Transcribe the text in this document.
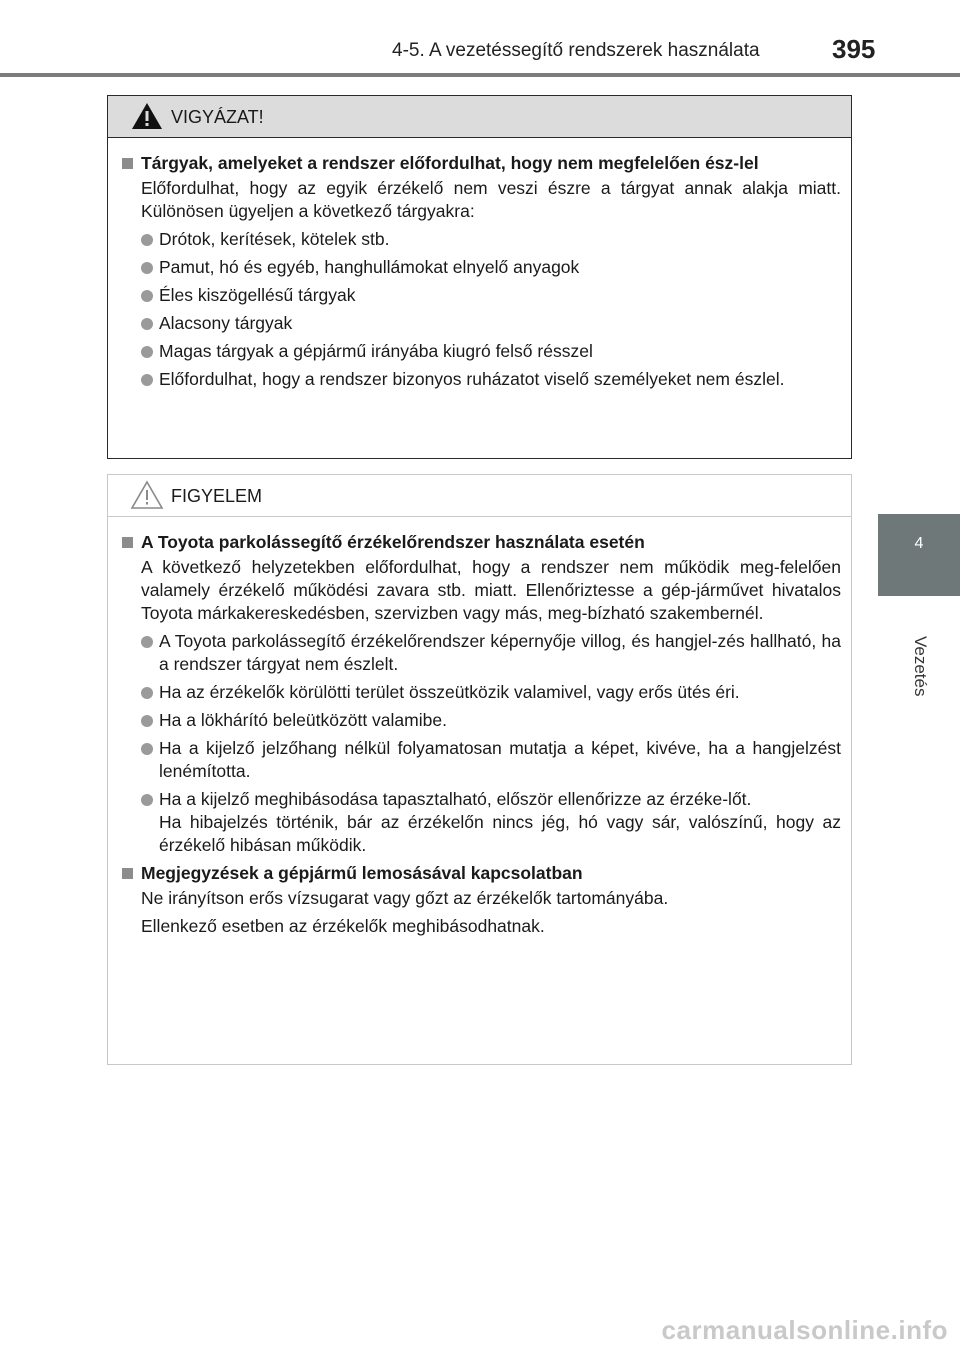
4-5. A vezetéssegítő rendszerek használata	395
4
Vezetés
VIGYÁZAT!
Tárgyak, amelyeket a rendszer előfordulhat, hogy nem megfelelően ész-lel
Előfordulhat, hogy az egyik érzékelő nem veszi észre a tárgyat annak alakja miatt. Különösen ügyeljen a következő tárgyakra:
Drótok, kerítések, kötelek stb.
Pamut, hó és egyéb, hanghullámokat elnyelő anyagok
Éles kiszögellésű tárgyak
Alacsony tárgyak
Magas tárgyak a gépjármű irányába kiugró felső résszel
Előfordulhat, hogy a rendszer bizonyos ruházatot viselő személyeket nem észlel.
FIGYELEM
A Toyota parkolássegítő érzékelőrendszer használata esetén
A következő helyzetekben előfordulhat, hogy a rendszer nem működik meg-felelően valamely érzékelő működési zavara stb. miatt. Ellenőriztesse a gép-járművet hivatalos Toyota márkakereskedésben, szervizben vagy más, meg-bízható szakembernél.
A Toyota parkolássegítő érzékelőrendszer képernyője villog, és hangjel-zés hallható, ha a rendszer tárgyat nem észlelt.
Ha az érzékelők körülötti terület összeütközik valamivel, vagy erős ütés éri.
Ha a lökhárító beleütközött valamibe.
Ha a kijelző jelzőhang nélkül folyamatosan mutatja a képet, kivéve, ha a hangjelzést lenémította.
Ha a kijelző meghibásodása tapasztalható, először ellenőrizze az érzéke-lőt.
Ha hibajelzés történik, bár az érzékelőn nincs jég, hó vagy sár, valószínű, hogy az érzékelő hibásan működik.
Megjegyzések a gépjármű lemosásával kapcsolatban
Ne irányítson erős vízsugarat vagy gőzt az érzékelők tartományába.
Ellenkező esetben az érzékelők meghibásodhatnak.
carmanualsonline.info
